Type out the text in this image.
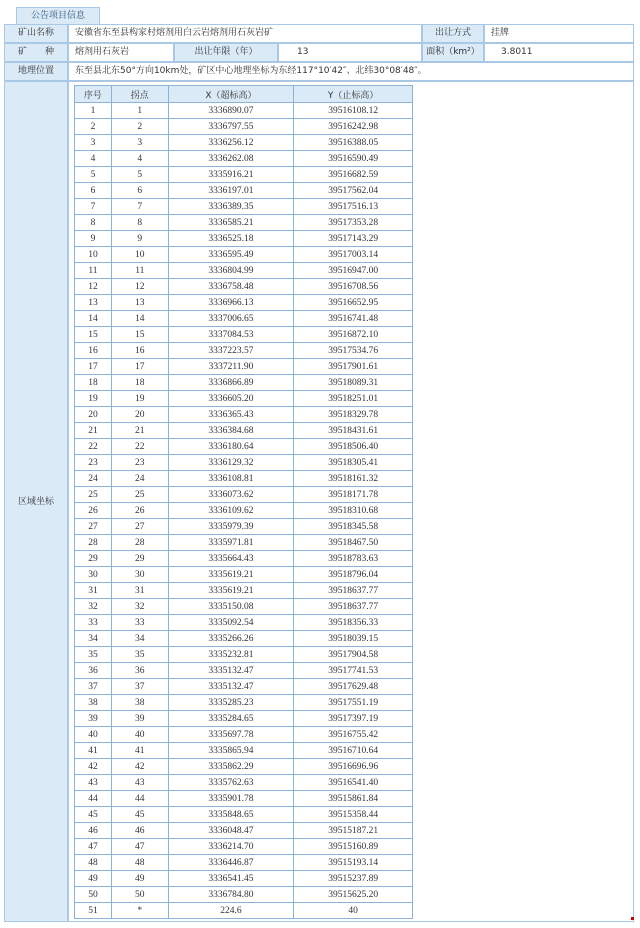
公告项目信息
矿山名称	安徽省东至县构家村熔剂用白云岩熔剂用石灰岩矿	出让方式	挂牌
矿　　种	熔剂用石灰岩	出让年限（年）	13	面积（km²）	3.8011
地理位置	东至县北东50°方向10km处，矿区中心地理坐标为东经117°10′42″、北纬30°08′48″。
区域坐标
序号	拐点	X（超标高）	Y（止标高）
1	1	3336890.07	39516108.12
2	2	3336797.55	39516242.98
3	3	3336256.12	39516388.05
4	4	3336262.08	39516590.49
5	5	3335916.21	39516682.59
6	6	3336197.01	39517562.04
7	7	3336389.35	39517516.13
8	8	3336585.21	39517353.28
9	9	3336525.18	39517143.29
10	10	3336595.49	39517003.14
11	11	3336804.99	39516947.00
12	12	3336758.48	39516708.56
13	13	3336966.13	39516652.95
14	14	3337006.65	39516741.48
15	15	3337084.53	39516872.10
16	16	3337223.57	39517534.76
17	17	3337211.90	39517901.61
18	18	3336866.89	39518089.31
19	19	3336605.20	39518251.01
20	20	3336365.43	39518329.78
21	21	3336384.68	39518431.61
22	22	3336180.64	39518506.40
23	23	3336129.32	39518305.41
24	24	3336108.81	39518161.32
25	25	3336073.62	39518171.78
26	26	3336109.62	39518310.68
27	27	3335979.39	39518345.58
28	28	3335971.81	39518467.50
29	29	3335664.43	39518783.63
30	30	3335619.21	39518796.04
31	31	3335619.21	39518637.77
32	32	3335150.08	39518637.77
33	33	3335092.54	39518356.33
34	34	3335266.26	39518039.15
35	35	3335232.81	39517904.58
36	36	3335132.47	39517741.53
37	37	3335132.47	39517629.48
38	38	3335285.23	39517551.19
39	39	3335284.65	39517397.19
40	40	3335697.78	39516755.42
41	41	3335865.94	39516710.64
42	42	3335862.29	39516696.96
43	43	3335762.63	39516541.40
44	44	3335901.78	39515861.84
45	45	3335848.65	39515358.44
46	46	3336048.47	39515187.21
47	47	3336214.70	39515160.89
48	48	3336446.87	39515193.14
49	49	3336541.45	39515237.89
50	50	3336784.80	39515625.20
51	*	224.6	40
